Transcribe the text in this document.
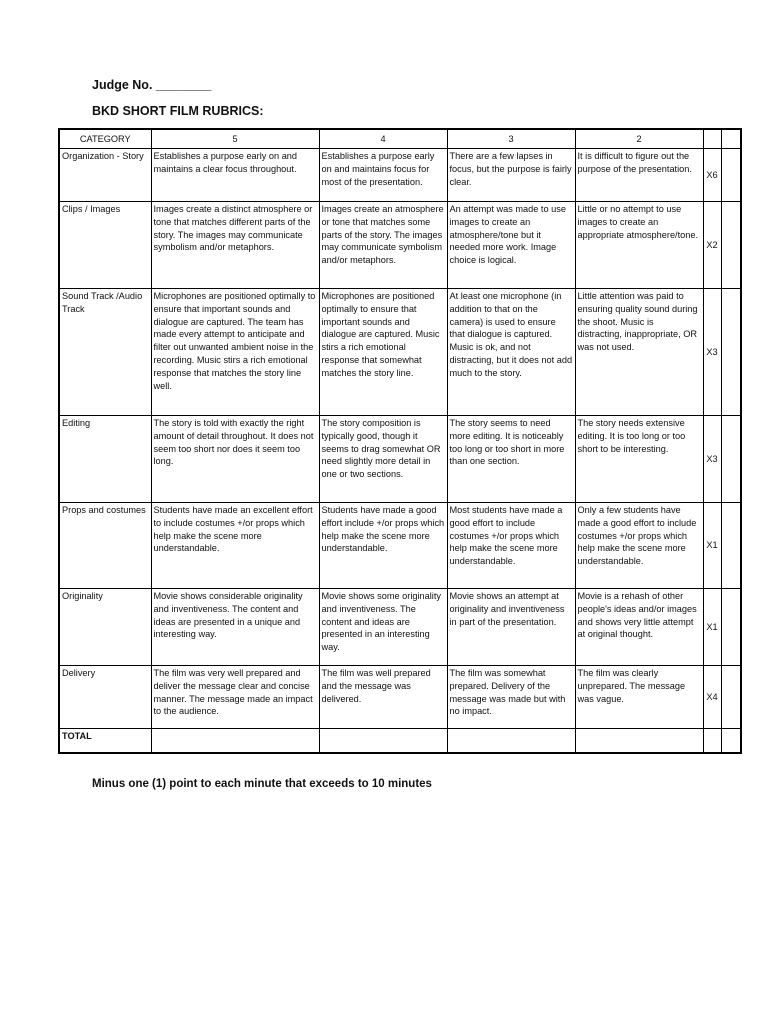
Judge No. ________
BKD SHORT FILM RUBRICS:
CATEGORY	5	4	3	2		
Organization - Story	Establishes a purpose early on and maintains a clear focus throughout.	Establishes a purpose early on and maintains focus for most of the presentation.	There are a few lapses in focus, but the purpose is fairly clear.	It is difficult to figure out the purpose of the presentation.	X6	
Clips / Images	Images create a distinct atmosphere or tone that matches different parts of the story. The images may communicate symbolism and/or metaphors.	Images create an atmosphere or tone that matches some parts of the story. The images may communicate symbolism and/or metaphors.	An attempt was made to use images to create an atmosphere/tone but it needed more work. Image choice is logical.	Little or no attempt to use images to create an appropriate atmosphere/tone.	X2	
Sound Track /Audio Track	Microphones are positioned optimally to ensure that important sounds and dialogue are captured. The team has made every attempt to anticipate and filter out unwanted ambient noise in the recording. Music stirs a rich emotional response that matches the story line well.	Microphones are positioned optimally to ensure that important sounds and dialogue are captured. Music stirs a rich emotional response that somewhat matches the story line.	At least one microphone (in addition to that on the camera) is used to ensure that dialogue is captured. Music is ok, and not distracting, but it does not add much to the story.	Little attention was paid to ensuring quality sound during the shoot. Music is distracting, inappropriate, OR was not used.	X3	
Editing	The story is told with exactly the right amount of detail throughout. It does not seem too short nor does it seem too long.	The story composition is typically good, though it seems to drag somewhat OR need slightly more detail in one or two sections.	The story seems to need more editing. It is noticeably too long or too short in more than one section.	The story needs extensive editing. It is too long or too short to be interesting.	X3	
Props and costumes	Students have made an excellent effort to include costumes +/or props which help make the scene more understandable.	Students have made a good effort include +/or props which help make the scene more understandable.	Most students have made a good effort to include costumes +/or props which help make the scene more understandable.	Only a few students have made a good effort to include costumes +/or props which help make the scene more understandable.	X1	
Originality	Movie shows considerable originality and inventiveness. The content and ideas are presented in a unique and interesting way.	Movie shows some originality and inventiveness. The content and ideas are presented in an interesting way.	Movie shows an attempt at originality and inventiveness in part of the presentation.	Movie is a rehash of other people's ideas and/or images and shows very little attempt at original thought.	X1	
Delivery	The film was very well prepared and deliver the message clear and concise manner. The message made an impact to the audience.	The film was well prepared and the message was delivered.	The film was somewhat prepared. Delivery of the message was made but with no impact.	The film was clearly unprepared. The message was vague.	X4	
TOTAL						
Minus one (1) point to each minute that exceeds to 10 minutes
